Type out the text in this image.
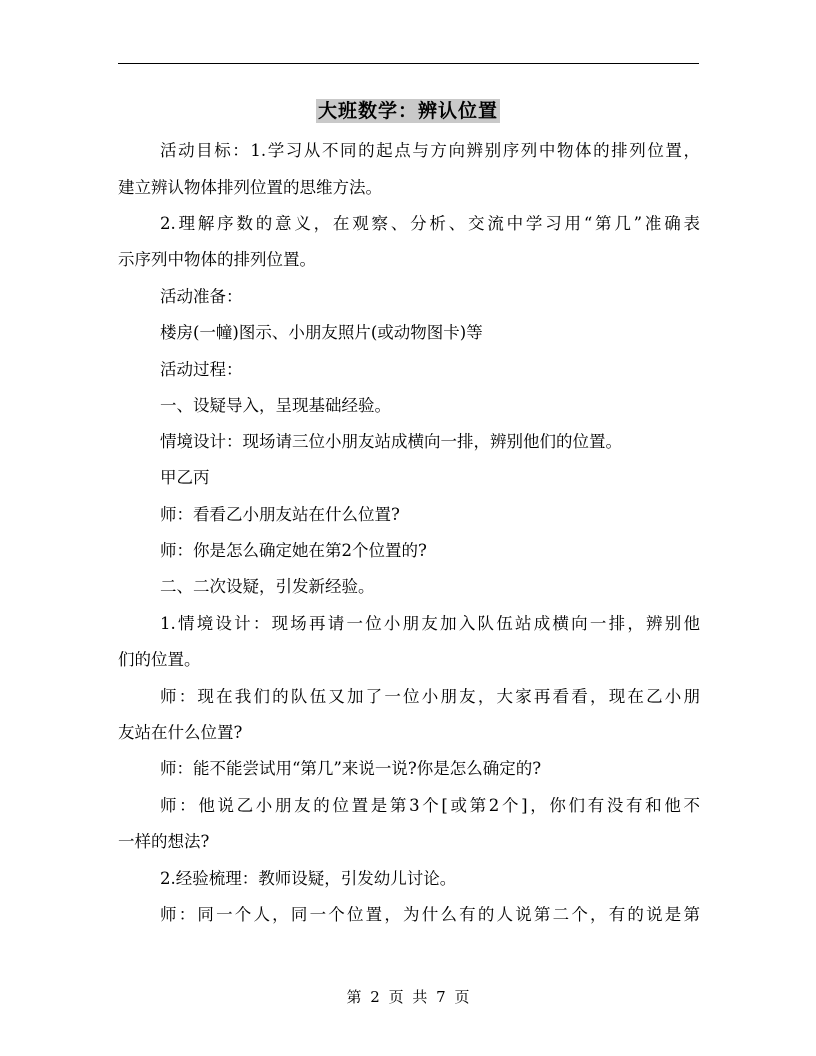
大班数学：辨认位置
活动目标：1.学习从不同的起点与方向辨别序列中物体的排列位置，
建立辨认物体排列位置的思维方法。
2.理解序数的意义，在观察、分析、交流中学习用“第几”准确表
示序列中物体的排列位置。
活动准备：
楼房(一幢)图示、小朋友照片(或动物图卡)等
活动过程：
一、设疑导入，呈现基础经验。
情境设计：现场请三位小朋友站成横向一排，辨别他们的位置。
甲乙丙
师：看看乙小朋友站在什么位置?
师：你是怎么确定她在第2个位置的?
二、二次设疑，引发新经验。
1.情境设计：现场再请一位小朋友加入队伍站成横向一排，辨别他
们的位置。
师：现在我们的队伍又加了一位小朋友，大家再看看，现在乙小朋
友站在什么位置?
师：能不能尝试用“第几”来说一说?你是怎么确定的?
师：他说乙小朋友的位置是第3个[或第2个]，你们有没有和他不
一样的想法?
2.经验梳理：教师设疑，引发幼儿讨论。
师：同一个人，同一个位置，为什么有的人说第二个，有的说是第
第 2 页 共 7 页
